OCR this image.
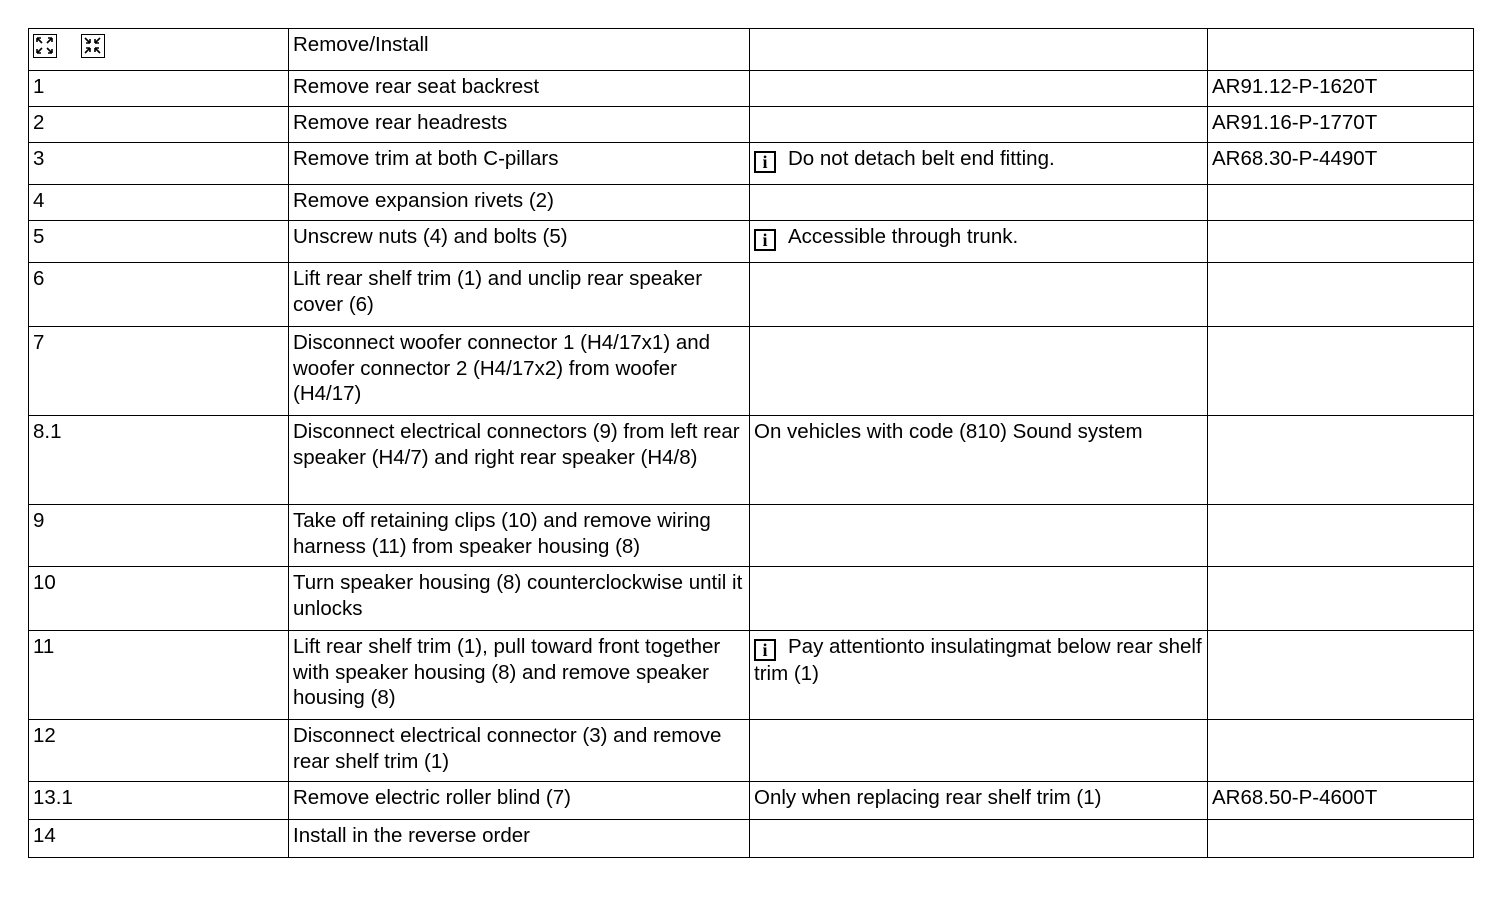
	Remove/Install		
1	Remove rear seat backrest		AR91.12-P-1620T
2	Remove rear headrests		AR91.16-P-1770T
3	Remove trim at both C-pillars	i Do not detach belt end fitting.	AR68.30-P-4490T
4	Remove expansion rivets (2)		
5	Unscrew nuts (4) and bolts (5)	i Accessible through trunk.	
6	Lift rear shelf trim (1) and unclip rear speaker cover (6)		
7	Disconnect woofer connector 1 (H4/17x1) and woofer connector 2 (H4/17x2) from woofer (H4/17)		
8.1	Disconnect electrical connectors (9) from left rear speaker (H4/7) and right rear speaker (H4/8)	On vehicles with code (810) Sound system	
9	Take off retaining clips (10) and remove wiring harness (11) from speaker housing (8)		
10	Turn speaker housing (8) counterclockwise until it unlocks		
11	Lift rear shelf trim (1), pull toward front together with speaker housing (8) and remove speaker housing (8)	i Pay attentionto insulatingmat below rear shelf trim (1)	
12	Disconnect electrical connector (3) and remove rear shelf trim (1)		
13.1	Remove electric roller blind (7)	Only when replacing rear shelf trim (1)	AR68.50-P-4600T
14	Install in the reverse order		
